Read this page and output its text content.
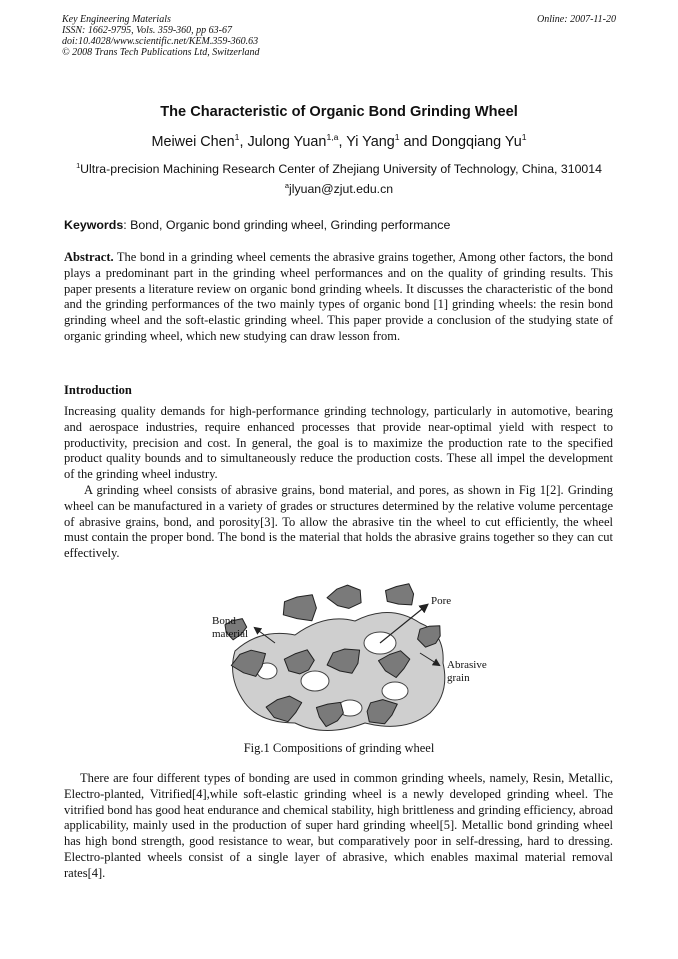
Key Engineering Materials
ISSN: 1662-9795, Vols. 359-360, pp 63-67
doi:10.4028/www.scientific.net/KEM.359-360.63
© 2008 Trans Tech Publications Ltd, Switzerland
Online: 2007-11-20
The Characteristic of Organic Bond Grinding Wheel
Meiwei Chen$^1$, Julong Yuan$^{1,a}$, Yi Yang$^1$ and Dongqiang Yu$^1$
$^1$Ultra-precision Machining Research Center of Zhejiang University of Technology, China, 310014
$^a$jlyuan@zjut.edu.cn
Keywords: Bond, Organic bond grinding wheel, Grinding performance
Abstract. The bond in a grinding wheel cements the abrasive grains together, Among other factors, the bond plays a predominant part in the grinding wheel performances and on the quality of grinding results. This paper presents a literature review on organic bond grinding wheels. It discusses the characteristic of the bond and the grinding performances of the two mainly types of organic bond [1] grinding wheels: the resin bond grinding wheel and the soft-elastic grinding wheel. This paper provide a conclusion of the studying state of organic grinding wheel, which new studying can draw lesson from.
Introduction
Increasing quality demands for high-performance grinding technology, particularly in automotive, bearing and aerospace industries, require enhanced processes that provide near-optimal yield with respect to productivity, precision and cost. In general, the goal is to maximize the production rate to the specified product quality bounds and to simultaneously reduce the production costs. These all impel the development of the grinding wheel industry.
A grinding wheel consists of abrasive grains, bond material, and pores, as shown in Fig 1[2]. Grinding wheel can be manufactured in a variety of grades or structures determined by the relative volume percentage of abrasive grains, bond, and porosity[3]. To allow the abrasive tin the wheel to cut efficiently, the wheel must contain the proper bond. The bond is the material that holds the abrasive grains together so they can cut effectively.
Bond
material
Pore
Abrasive
grain
Fig.1 Compositions of grinding wheel
There are four different types of bonding are used in common grinding wheels, namely, Resin, Metallic, Electro-planted, Vitrified[4],while soft-elastic grinding wheel is a newly developed grinding wheel. The vitrified bond has good heat endurance and chemical stability, high brittleness and grinding efficiency, abroad applicability, mainly used in the production of super hard grinding wheel[5]. Metallic bond grinding wheel has high bond strength, good resistance to wear, but comparatively poor in self-dressing, hard to dressing. Electro-planted wheels consist of a single layer of abrasive, which enables maximal material removal rates[4].
